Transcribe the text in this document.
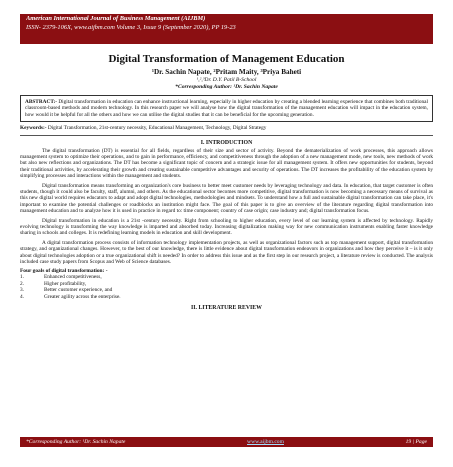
American International Journal of Business Management (AIJBM)
ISSN- 2379-106X, www.aijbm.com Volume 3, Issue 9 (September 2020), PP 19-23
Digital Transformation of Management Education
¹Dr. Sachin Napate, ²Pritam Maity, ³Priya Baheti
¹,²,³Dr. D.Y. Patil B-School
*Corresponding Author: ¹Dr. Sachin Napate
ABSTRACT:- Digital transformation in education can enhance instructional learning, especially in higher education by creating a blended learning experience that combines both traditional classroom-based methods and modern technology. In this research paper we will analyse how the digital transformation of the management education will impact in the education system, how would it be helpful for all the others and how we can utilise the digital studies that it can be beneficial for the upcoming generation.
Keywords:- Digital Transformation, 21st-century necessity, Educational Management, Technology, Digital Strategy
I. INTRODUCTION

The digital transformation (DT) is essential for all fields, regardless of their size and sector of activity. Beyond the dematerialization of work processes, this approach allows management system to optimize their operations, and to gain in performance, efficiency, and competitiveness through the adoption of a new management mode, new tools, new methods of work but also new reflections and organizations. The DT has become a significant topic of concern and a strategic issue for all management system. It offers new opportunities for students, beyond their traditional activities, by accelerating their growth and creating sustainable competitive advantages and security of operations. The DT increases the profitability of the education system by simplifying processes and interactions within the management and students.

Digital transformation means transforming an organization's core business to better meet customer needs by leveraging technology and data. In education, that target customer is often students, though it could also be faculty, staff, alumni, and others. As the educational sector becomes more competitive, digital transformation is now becoming a necessary means of survival as this new digital world requires educators to adapt and adopt digital technologies, methodologies and mindsets. To understand how a full and sustainable digital transformation can take place, it's important to examine the potential challenges or roadblocks an institution might face. The goal of this paper is to give an overview of the literature regarding digital transformation into management education and to analyze how it is used in practice in regard to: time component; country of case origin; case industry and; digital transformation focus.

Digital transformation in education is a 21st -century necessity. Right from schooling to higher education, every level of our learning system is affected by technology. Rapidly evolving technology is transforming the way knowledge is imparted and absorbed today. Increasing digitalization making way for new communication instruments enabling faster knowledge sharing in schools and colleges. It is redefining learning models in education and skill development.

A digital transformation process consists of information technology implementation projects, as well as organizational factors such as top management support, digital transformation strategy, and organizational changes. However, to the best of our knowledge, there is little evidence about digital transformation endeavors in organizations and how they perceive it – is it only about digital technologies adoption or a true organizational shift is needed? In order to address this issue and as the first step in our research project, a literature review is conducted. The analysis included case study papers from Scopus and Web of Science databases.

Four goals of digital transformation: -
1.	Enhanced competitiveness,
2.	Higher profitability,
3.	Better customer experience, and
4.	Greater agility across the enterprise.
II. LITERATURE REVIEW
*Corresponding Author: ¹Dr. Sachin Napate	www.aijbm.com	19 | Page
